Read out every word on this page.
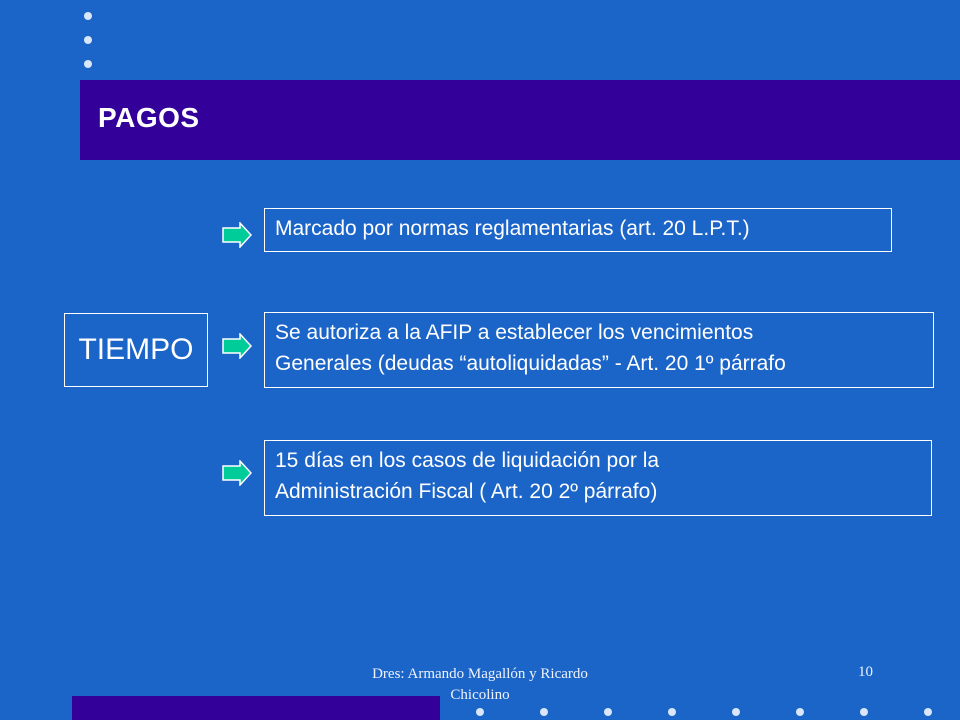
PAGOS
TIEMPO
Marcado por normas reglamentarias (art. 20 L.P.T.)
Se autoriza a la AFIP a establecer los vencimientos
Generales (deudas “autoliquidadas” - Art. 20 1º párrafo
15 días en los casos de liquidación por la
Administración Fiscal ( Art. 20 2º párrafo)
Dres: Armando Magallón y Ricardo
Chicolino
10
